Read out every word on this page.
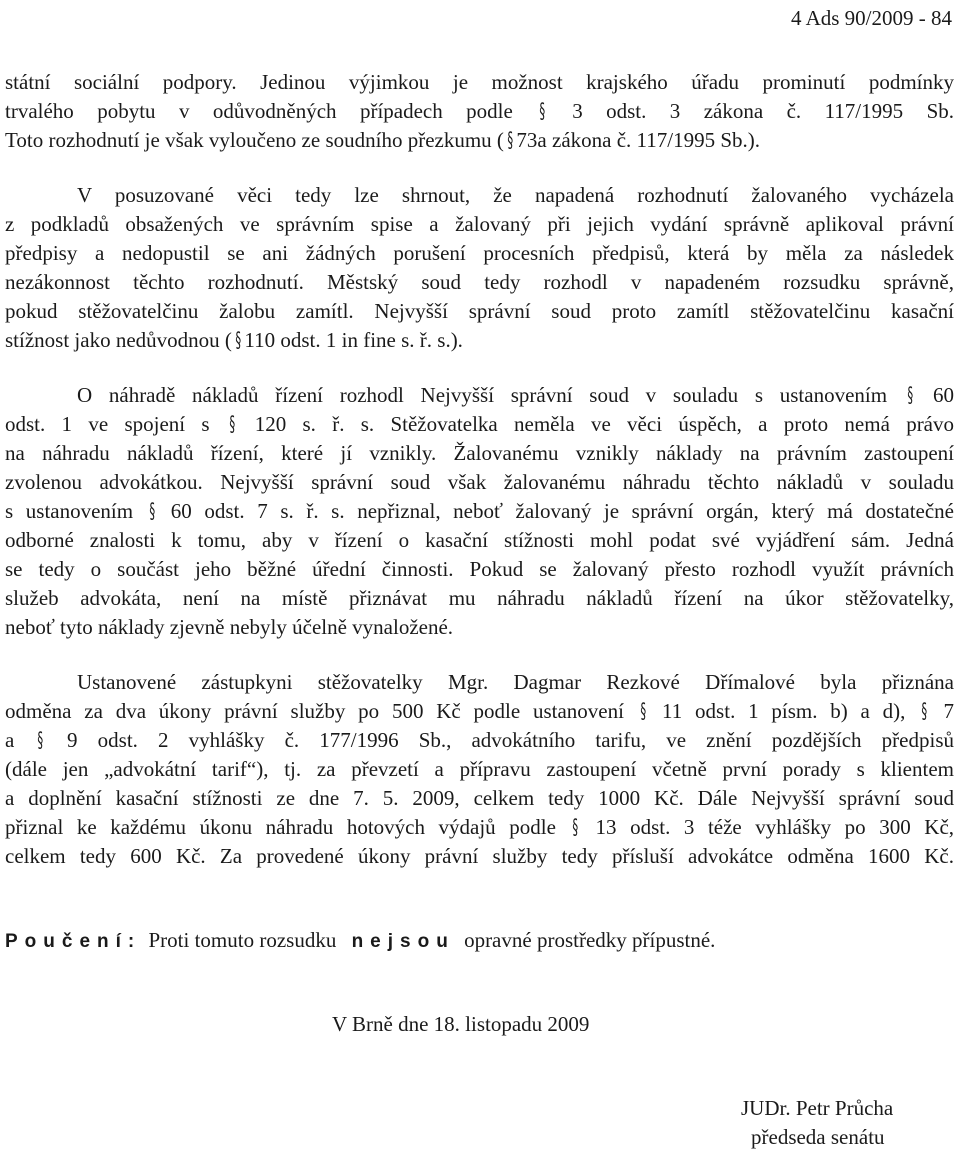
4 Ads 90/2009 - 84
státní sociální podpory. Jedinou výjimkou je možnost krajského úřadu prominutí podmínky
trvalého pobytu v odůvodněných případech podle § 3 odst. 3 zákona č. 117/1995 Sb.
Toto rozhodnutí je však vyloučeno ze soudního přezkumu ( § 73a zákona č. 117/1995 Sb.).
V posuzované věci tedy lze shrnout, že napadená rozhodnutí žalovaného vycházela
z podkladů obsažených ve správním spise a žalovaný při jejich vydání správně aplikoval právní
předpisy a nedopustil se ani žádných porušení procesních předpisů, která by měla za následek
nezákonnost těchto rozhodnutí. Městský soud tedy rozhodl v napadeném rozsudku správně,
pokud stěžovatelčinu žalobu zamítl. Nejvyšší správní soud proto zamítl stěžovatelčinu kasační
stížnost jako nedůvodnou ( § 110 odst. 1 in fine s. ř. s.).
O náhradě nákladů řízení rozhodl Nejvyšší správní soud v souladu s ustanovením § 60
odst. 1 ve spojení s § 120 s. ř. s. Stěžovatelka neměla ve věci úspěch, a proto nemá právo
na náhradu nákladů řízení, které jí vznikly. Žalovanému vznikly náklady na právním zastoupení
zvolenou advokátkou. Nejvyšší správní soud však žalovanému náhradu těchto nákladů v souladu
s ustanovením § 60 odst. 7 s. ř. s. nepřiznal, neboť žalovaný je správní orgán, který má dostatečné
odborné znalosti k tomu, aby v řízení o kasační stížnosti mohl podat své vyjádření sám. Jedná
se tedy o součást jeho běžné úřední činnosti. Pokud se žalovaný přesto rozhodl využít právních
služeb advokáta, není na místě přiznávat mu náhradu nákladů řízení na úkor stěžovatelky,
neboť tyto náklady zjevně nebyly účelně vynaložené.
Ustanovené zástupkyni stěžovatelky Mgr. Dagmar Rezkové Dřímalové byla přiznána
odměna za dva úkony právní služby po 500 Kč podle ustanovení § 11 odst. 1 písm. b) a d), § 7
a § 9 odst. 2 vyhlášky č. 177/1996 Sb., advokátního tarifu, ve znění pozdějších předpisů
(dále jen „advokátní tarif“), tj. za převzetí a přípravu zastoupení včetně první porady s klientem
a doplnění kasační stížnosti ze dne 7. 5. 2009, celkem tedy 1000 Kč. Dále Nejvyšší správní soud
přiznal ke každému úkonu náhradu hotových výdajů podle § 13 odst. 3 téže vyhlášky po 300 Kč,
celkem tedy 600 Kč. Za provedené úkony právní služby tedy přísluší advokátce odměna 1600 Kč.
Poučení: Proti tomuto rozsudku nejsou opravné prostředky přípustné.
V Brně dne 18. listopadu 2009
JUDr. Petr Průcha
předseda senátu
